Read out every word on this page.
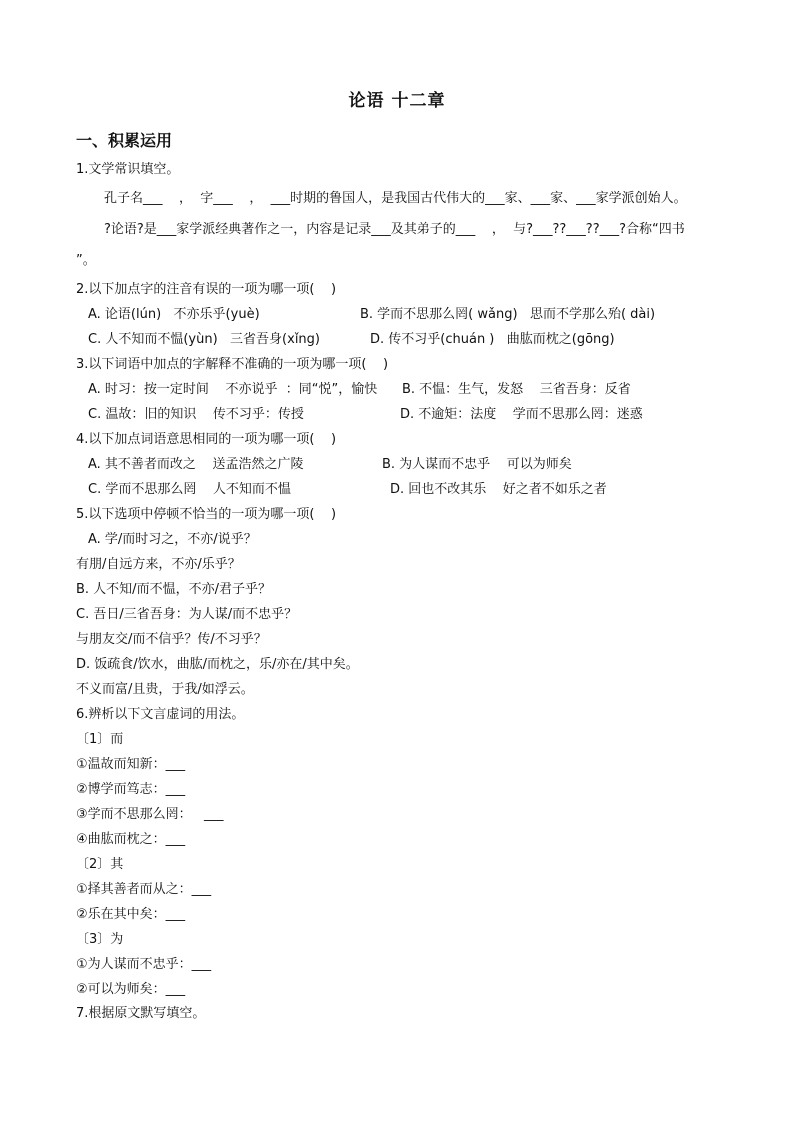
论语 十二章
一、积累运用
1.文学常识填空。
孔子名___    ，  字___    ，  ___时期的鲁国人，是我国古代伟大的___家、___家、___家学派创始人。
?论语?是___家学派经典著作之一，内容是记录___及其弟子的___    ，  与?___??___??___?合称“四书
”。
2.以下加点字的注音有误的一项为哪一项(    )
A. 论语(lún)   不亦乐乎(yuè)	B. 学而不思那么罔( wǎng)   思而不学那么殆( dài)
C. 人不知而不愠(yùn)   三省吾身(xǐng)	D. 传不习乎(chuán )   曲肱而枕之(gōng)
3.以下词语中加点的字解释不准确的一项为哪一项(    )
A. 时习：按一定时间    不亦说乎  ：同“悦”，愉快 B. 不愠：生气，发怒    三省吾身：反省
C. 温故：旧的知识    传不习乎：传授	D. 不逾矩：法度    学而不思那么罔：迷惑
4.以下加点词语意思相同的一项为哪一项(    )
A. 其不善者而改之    送孟浩然之广陵	B. 为人谋而不忠乎    可以为师矣
C. 学而不思那么罔    人不知而不愠	D. 回也不改其乐    好之者不如乐之者
5.以下选项中停顿不恰当的一项为哪一项(    )
A. 学/而时习之，不亦/说乎？
有朋/自远方来，不亦/乐乎？
B. 人不知/而不愠，不亦/君子乎？
C. 吾日/三省吾身：为人谋/而不忠乎？
与朋友交/而不信乎？传/不习乎？
D. 饭疏食/饮水，曲肱/而枕之，乐/亦在/其中矣。
不义而富/且贵，于我/如浮云。
6.辨析以下文言虚词的用法。
〔1〕而
①温故而知新：___
②博学而笃志：___
③学而不思那么罔：   ___
④曲肱而枕之：___
〔2〕其
①择其善者而从之：___
②乐在其中矣：___
〔3〕为
①为人谋而不忠乎：___
②可以为师矣：___
7.根据原文默写填空。
